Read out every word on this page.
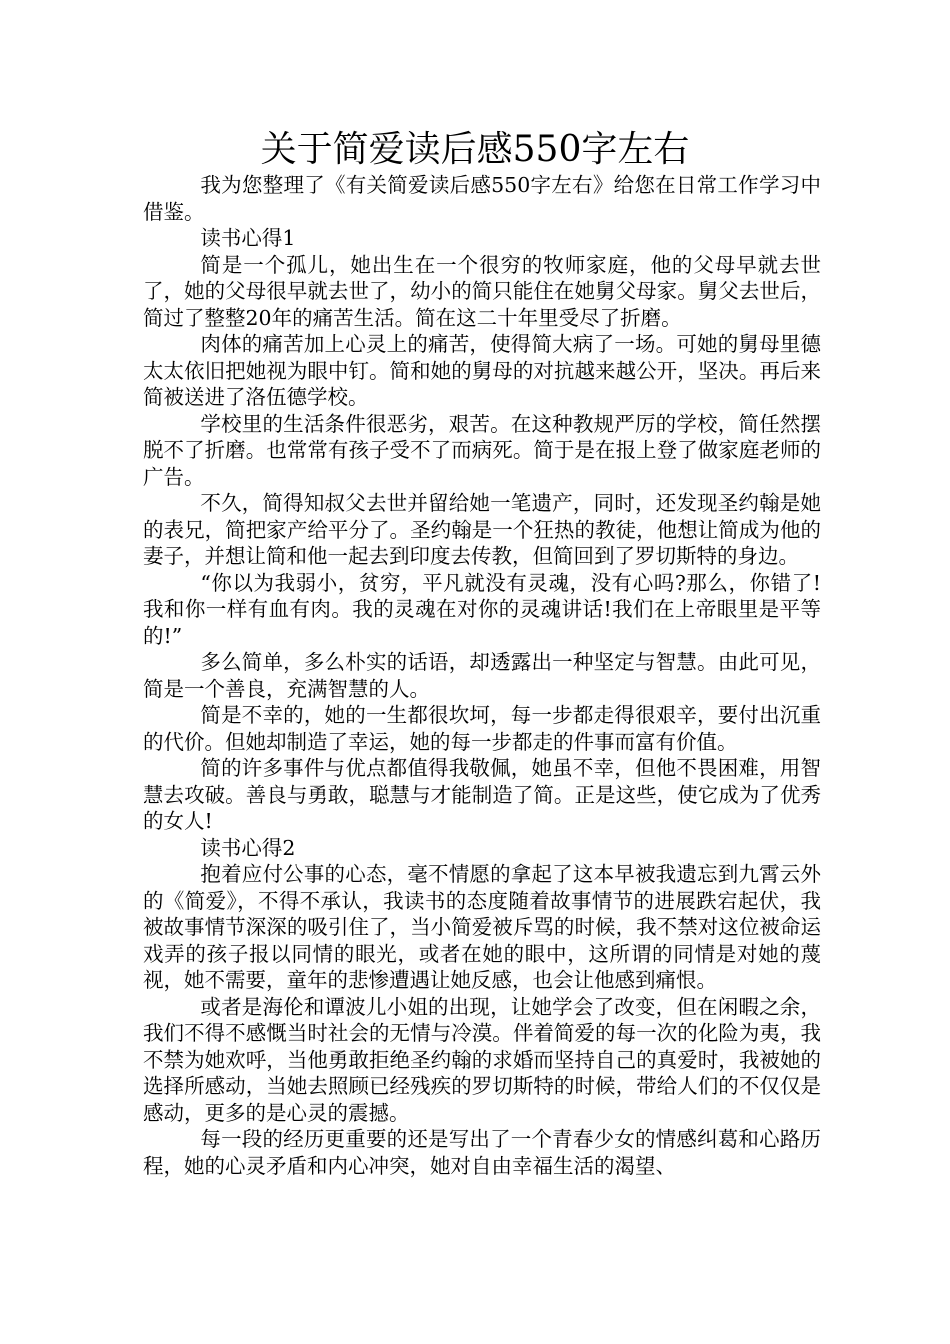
关于简爱读后感550字左右

我为您整理了《有关简爱读后感550字左右》给您在日常工作学习中借鉴。

读书心得1

简是一个孤儿，她出生在一个很穷的牧师家庭，他的父母早就去世了，她的父母很早就去世了，幼小的简只能住在她舅父母家。舅父去世后，简过了整整20年的痛苦生活。简在这二十年里受尽了折磨。

肉体的痛苦加上心灵上的痛苦，使得简大病了一场。可她的舅母里德太太依旧把她视为眼中钉。简和她的舅母的对抗越来越公开，坚决。再后来简被送进了洛伍德学校。

学校里的生活条件很恶劣，艰苦。在这种教规严厉的学校，简任然摆脱不了折磨。也常常有孩子受不了而病死。简于是在报上登了做家庭老师的广告。

不久，简得知叔父去世并留给她一笔遗产，同时，还发现圣约翰是她的表兄，简把家产给平分了。圣约翰是一个狂热的教徒，他想让简成为他的妻子，并想让简和他一起去到印度去传教，但简回到了罗切斯特的身边。

“你以为我弱小，贫穷，平凡就没有灵魂，没有心吗?那么，你错了!我和你一样有血有肉。我的灵魂在对你的灵魂讲话!我们在上帝眼里是平等的!”

多么简单，多么朴实的话语，却透露出一种坚定与智慧。由此可见，简是一个善良，充满智慧的人。

简是不幸的，她的一生都很坎坷，每一步都走得很艰辛，要付出沉重的代价。但她却制造了幸运，她的每一步都走的件事而富有价值。

简的许多事件与优点都值得我敬佩，她虽不幸，但他不畏困难，用智慧去攻破。善良与勇敢，聪慧与才能制造了简。正是这些，使它成为了优秀的女人!

读书心得2

抱着应付公事的心态，毫不情愿的拿起了这本早被我遗忘到九霄云外的《简爱》，不得不承认，我读书的态度随着故事情节的进展跌宕起伏，我被故事情节深深的吸引住了，当小简爱被斥骂的时候，我不禁对这位被命运戏弄的孩子报以同情的眼光，或者在她的眼中，这所谓的同情是对她的蔑视，她不需要，童年的悲惨遭遇让她反感，也会让他感到痛恨。

或者是海伦和谭波儿小姐的出现，让她学会了改变，但在闲暇之余，我们不得不感慨当时社会的无情与冷漠。伴着简爱的每一次的化险为夷，我不禁为她欢呼，当他勇敢拒绝圣约翰的求婚而坚持自己的真爱时，我被她的选择所感动，当她去照顾已经残疾的罗切斯特的时候，带给人们的不仅仅是感动，更多的是心灵的震撼。

每一段的经历更重要的还是写出了一个青春少女的情感纠葛和心路历程，她的心灵矛盾和内心冲突，她对自由幸福生活的渴望、
